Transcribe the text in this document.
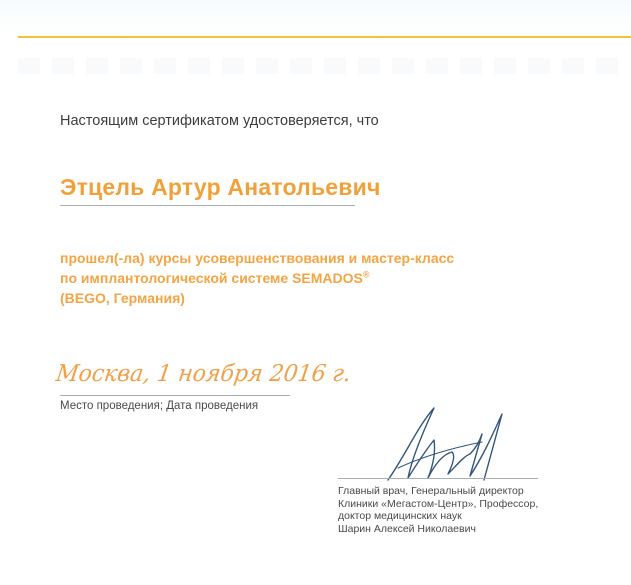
Настоящим сертификатом удостоверяется, что
Этцель Артур Анатольевич
прошел(-ла) курсы усовершенствования и мастер-класс
по имплантологической системе SEMADOS®
(BEGO, Германия)
Москва, 1 ноября 2016 г.
Место проведения; Дата проведения
Главный врач, Генеральный директор
Клиники «Мегастом-Центр», Профессор,
доктор медицинских наук
Шарин Алексей Николаевич
